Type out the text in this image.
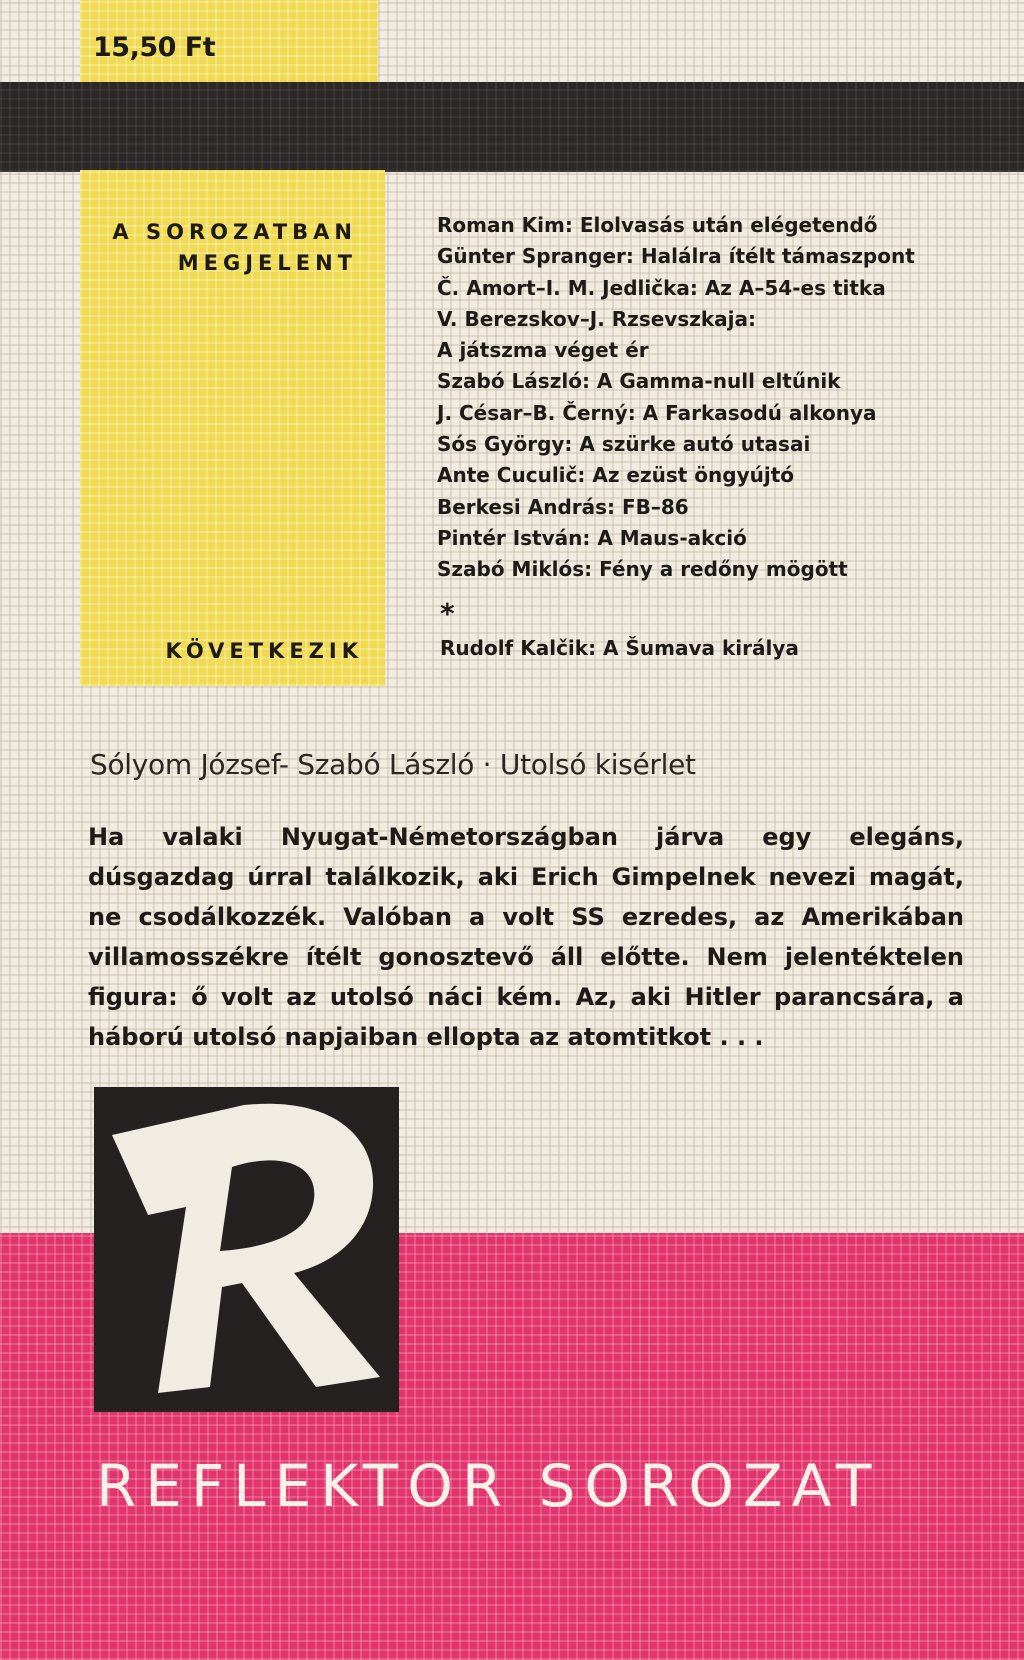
15,50 Ft
A SOROZATBAN MEGJELENT
KÖVETKEZIK
Roman Kim: Elolvasás után elégetendő
Günter Spranger: Halálra ítélt támaszpont
Č. Amort–I. M. Jedlička: Az A–54-es titka
V. Berezskov–J. Rzsevszkaja:
A játszma véget ér
Szabó László: A Gamma-null eltűnik
J. César–B. Černý: A Farkasodú alkonya
Sós György: A szürke autó utasai
Ante Cuculič: Az ezüst öngyújtó
Berkesi András: FB–86
Pintér István: A Maus-akció
Szabó Miklós: Fény a redőny mögött
*
Rudolf Kalčik: A Šumava királya
Sólyom József- Szabó László · Utolsó kisérlet

Ha valaki Nyugat-Németországban járva egy elegáns, dúsgazdag úrral találkozik, aki Erich Gimpelnek nevezi magát, ne csodálkozzék. Valóban a volt SS ezredes, az Amerikában villamosszékre ítélt gonosztevő áll előtte. Nem jelentéktelen figura: ő volt az utolsó náci kém. Az, aki Hitler parancsára, a háború utolsó napjaiban ellopta az atomtitkot . . .

REFLEKTOR SOROZAT
